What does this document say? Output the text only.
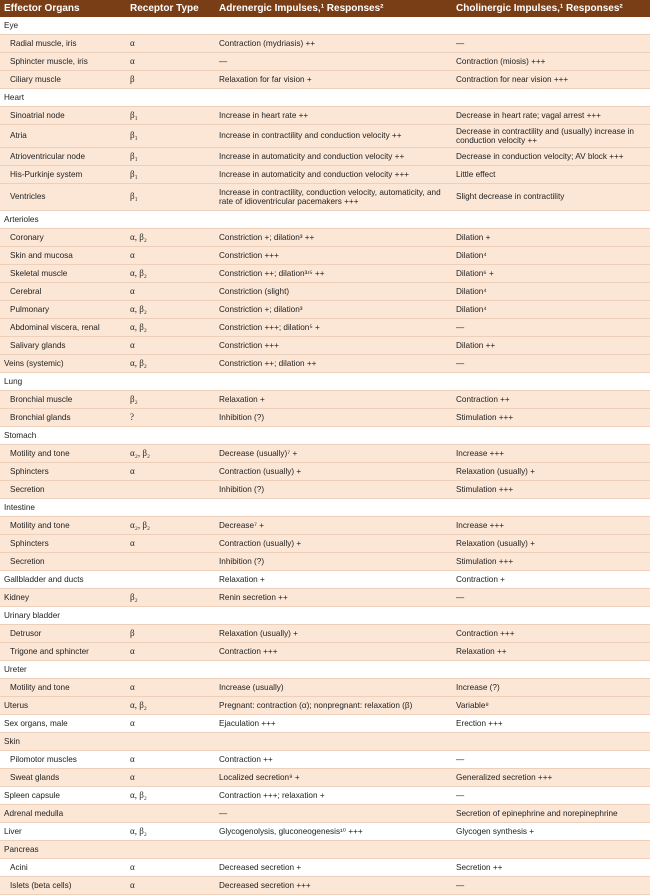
Effector Organs	Receptor Type	Adrenergic Impulses,¹ Responses²	Cholinergic Impulses,¹ Responses²
Eye			
Radial muscle, iris	α	Contraction (mydriasis) ++	—
Sphincter muscle, iris	α	—	Contraction (miosis) +++
Ciliary muscle	β	Relaxation for far vision +	Contraction for near vision +++
Heart			
Sinoatrial node	β₁	Increase in heart rate ++	Decrease in heart rate; vagal arrest +++
Atria	β₁	Increase in contractility and conduction velocity ++	Decrease in contractility and (usually) increase in conduction velocity ++
Atrioventricular node	β₁	Increase in automaticity and conduction velocity ++	Decrease in conduction velocity; AV block +++
His-Purkinje system	β₁	Increase in automaticity and conduction velocity +++	Little effect
Ventricles	β₁	Increase in contractility, conduction velocity, automaticity, and rate of idioventricular pacemakers +++	Slight decrease in contractility
Arterioles			
Coronary	α, β₂	Constriction +; dilation³ ++	Dilation +
Skin and mucosa	α	Constriction +++	Dilation⁴
Skeletal muscle	α, β₂	Constriction ++; dilation³ʴ⁵ ++	Dilation⁶ +
Cerebral	α	Constriction (slight)	Dilation⁴
Pulmonary	α, β₂	Constriction +; dilation³	Dilation⁴
Abdominal viscera, renal	α, β₂	Constriction +++; dilation⁵ +	—
Salivary glands	α	Constriction +++	Dilation ++
Veins (systemic)	α, β₂	Constriction ++; dilation ++	—
Lung			
Bronchial muscle	β₂	Relaxation +	Contraction ++
Bronchial glands	?	Inhibition (?)	Stimulation +++
Stomach			
Motility and tone	α₂, β₂	Decrease (usually)⁷ +	Increase +++
Sphincters	α	Contraction (usually) +	Relaxation (usually) +
Secretion		Inhibition (?)	Stimulation +++
Intestine			
Motility and tone	α₂, β₂	Decrease⁷ +	Increase +++
Sphincters	α	Contraction (usually) +	Relaxation (usually) +
Secretion		Inhibition (?)	Stimulation +++
Gallbladder and ducts		Relaxation +	Contraction +
Kidney	β₂	Renin secretion ++	—
Urinary bladder			
Detrusor	β	Relaxation (usually) +	Contraction +++
Trigone and sphincter	α	Contraction +++	Relaxation ++
Ureter			
Motility and tone	α	Increase (usually)	Increase (?)
Uterus	α, β₂	Pregnant: contraction (α); nonpregnant: relaxation (β)	Variable⁸
Sex organs, male	α	Ejaculation +++	Erection +++
Skin			
Pilomotor muscles	α	Contraction ++	—
Sweat glands	α	Localized secretion⁹ +	Generalized secretion +++
Spleen capsule	α, β₂	Contraction +++; relaxation +	—
Adrenal medulla		—	Secretion of epinephrine and norepinephrine
Liver	α, β₂	Glycogenolysis, gluconeogenesis¹⁰ +++	Glycogen synthesis +
Pancreas			
Acini	α	Decreased secretion +	Secretion ++
Islets (beta cells)	α	Decreased secretion +++	—
